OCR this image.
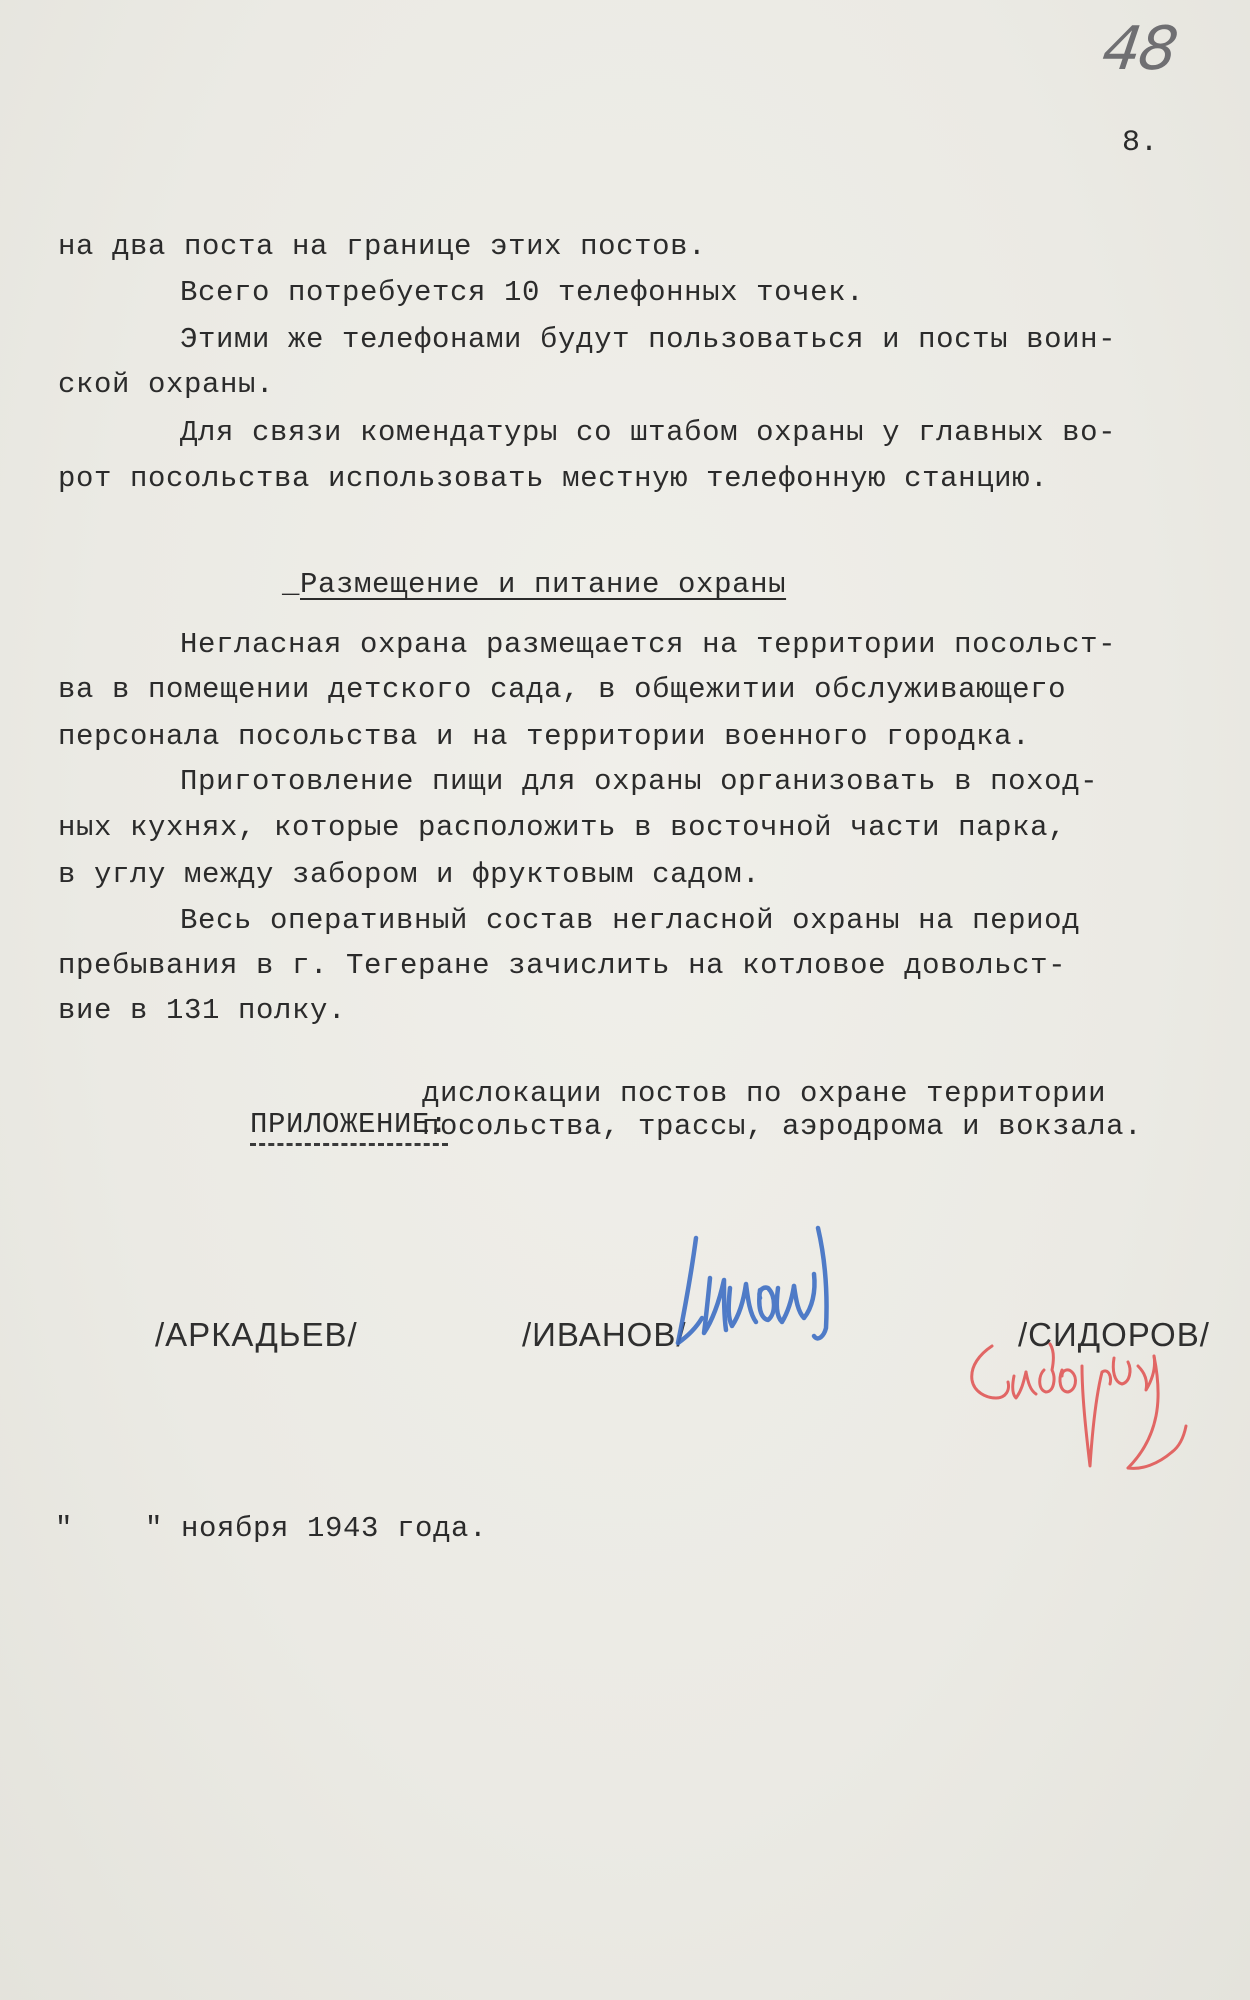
48
8.
на два поста на границе этих постов.
Всего потребуется 10 телефонных точек.
Этими же телефонами будут пользоваться и посты воин-
ской охраны.
Для связи комендатуры со штабом охраны у главных во-
рот посольства использовать местную телефонную станцию.
_ Размещение и питание охраны
Негласная охрана размещается на территории посольст-
ва в помещении детского сада, в общежитии обслуживающего
персонала посольства и на территории военного городка.
Приготовление пищи для охраны организовать в поход-
ных кухнях, которые расположить в восточной части парка,
в углу между забором и фруктовым садом.
Весь оперативный состав негласной охраны на период
пребывания в г. Тегеране зачислить на котловое довольст-
вие в 131 полку.

ПРИЛОЖЕНИЕ:

дислокации постов по охране территории
посольства, трассы, аэродрома и вокзала.
/АРКАДЬЕВ/	/ИВАНОВ/	/СИДОРОВ/
"    " ноября 1943 года.
